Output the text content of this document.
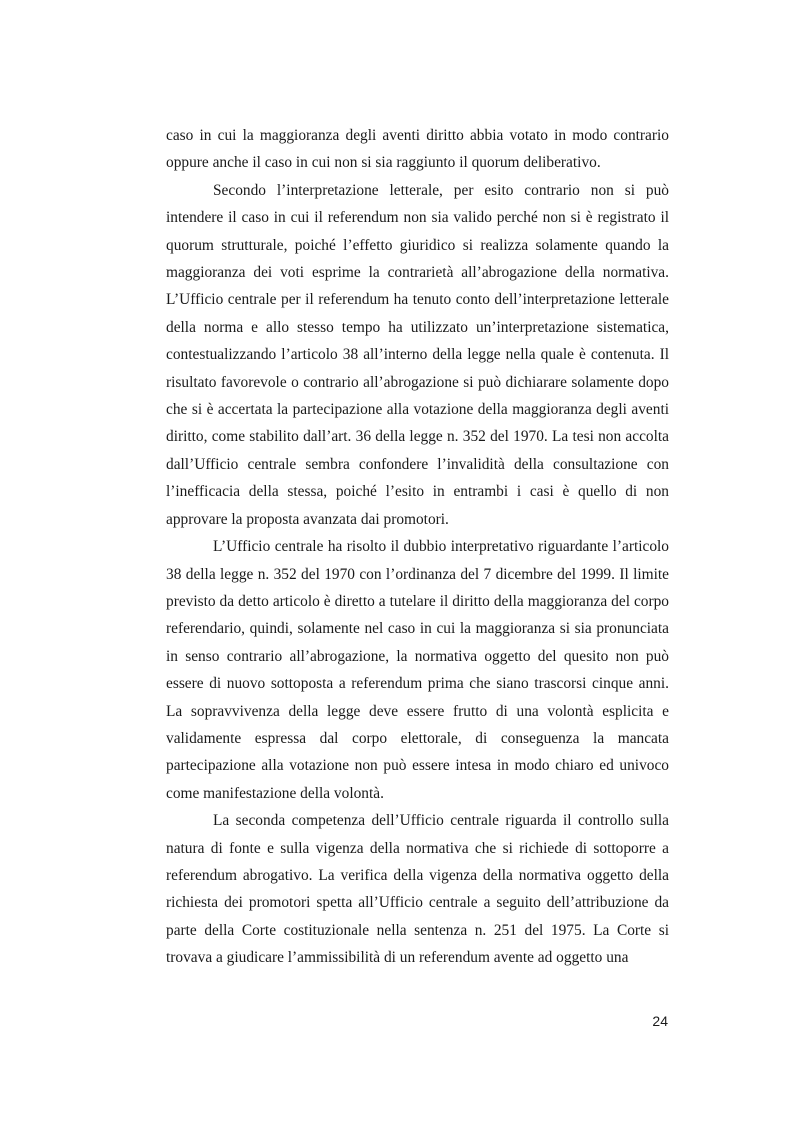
caso in cui la maggioranza degli aventi diritto abbia votato in modo contrario oppure anche il caso in cui non si sia raggiunto il quorum deliberativo.

Secondo l’interpretazione letterale, per esito contrario non si può intendere il caso in cui il referendum non sia valido perché non si è registrato il quorum strutturale, poiché l’effetto giuridico si realizza solamente quando la maggioranza dei voti esprime la contrarietà all’abrogazione della normativa. L’Ufficio centrale per il referendum ha tenuto conto dell’interpretazione letterale della norma e allo stesso tempo ha utilizzato un’interpretazione sistematica, contestualizzando l’articolo 38 all’interno della legge nella quale è contenuta. Il risultato favorevole o contrario all’abrogazione si può dichiarare solamente dopo che si è accertata la partecipazione alla votazione della maggioranza degli aventi diritto, come stabilito dall’art. 36 della legge n. 352 del 1970. La tesi non accolta dall’Ufficio centrale sembra confondere l’invalidità della consultazione con l’inefficacia della stessa, poiché l’esito in entrambi i casi è quello di non approvare la proposta avanzata dai promotori.

L’Ufficio centrale ha risolto il dubbio interpretativo riguardante l’articolo 38 della legge n. 352 del 1970 con l’ordinanza del 7 dicembre del 1999. Il limite previsto da detto articolo è diretto a tutelare il diritto della maggioranza del corpo referendario, quindi, solamente nel caso in cui la maggioranza si sia pronunciata in senso contrario all’abrogazione, la normativa oggetto del quesito non può essere di nuovo sottoposta a referendum prima che siano trascorsi cinque anni. La sopravvivenza della legge deve essere frutto di una volontà esplicita e validamente espressa dal corpo elettorale, di conseguenza la mancata partecipazione alla votazione non può essere intesa in modo chiaro ed univoco come manifestazione della volontà.

La seconda competenza dell’Ufficio centrale riguarda il controllo sulla natura di fonte e sulla vigenza della normativa che si richiede di sottoporre a referendum abrogativo. La verifica della vigenza della normativa oggetto della richiesta dei promotori spetta all’Ufficio centrale a seguito dell’attribuzione da parte della Corte costituzionale nella sentenza n. 251 del 1975. La Corte si trovava a giudicare l’ammissibilità di un referendum avente ad oggetto una

24
